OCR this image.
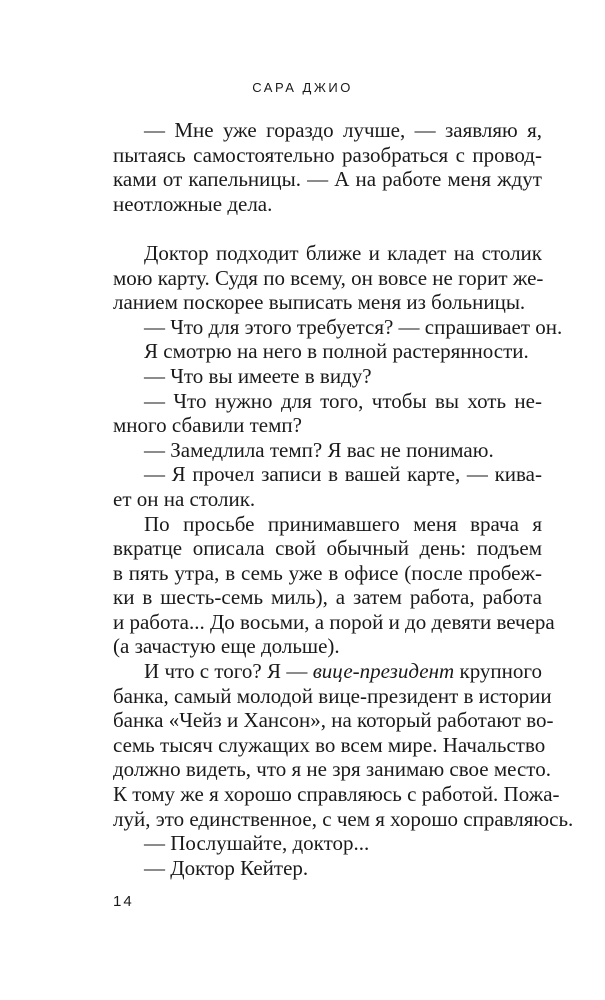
САРА ДЖИО

— Мне уже гораздо лучше, — заявляю я,
пытаясь самостоятельно разобраться с провод-
ками от капельницы. — А на работе меня ждут
неотложные дела.

Доктор подходит ближе и кладет на столик
мою карту. Судя по всему, он вовсе не горит же-
ланием поскорее выписать меня из больницы.

— Что для этого требуется? — спрашивает он.

Я смотрю на него в полной растерянности.

— Что вы имеете в виду?

— Что нужно для того, чтобы вы хоть не-
много сбавили темп?

— Замедлила темп? Я вас не понимаю.

— Я прочел записи в вашей карте, — кива-
ет он на столик.

По просьбе принимавшего меня врача я
вкратце описала свой обычный день: подъем
в пять утра, в семь уже в офисе (после пробеж-
ки в шесть-семь миль), а затем работа, работа
и работа... До восьми, а порой и до девяти вечера
(а зачастую еще дольше).

И что с того? Я — вице-президент крупного
банка, самый молодой вице-президент в истории
банка «Чейз и Хансон», на который работают во-
семь тысяч служащих во всем мире. Начальство
должно видеть, что я не зря занимаю свое место.
К тому же я хорошо справляюсь с работой. Пожа-
луй, это единственное, с чем я хорошо справляюсь.

— Послушайте, доктор...

— Доктор Кейтер.

14
